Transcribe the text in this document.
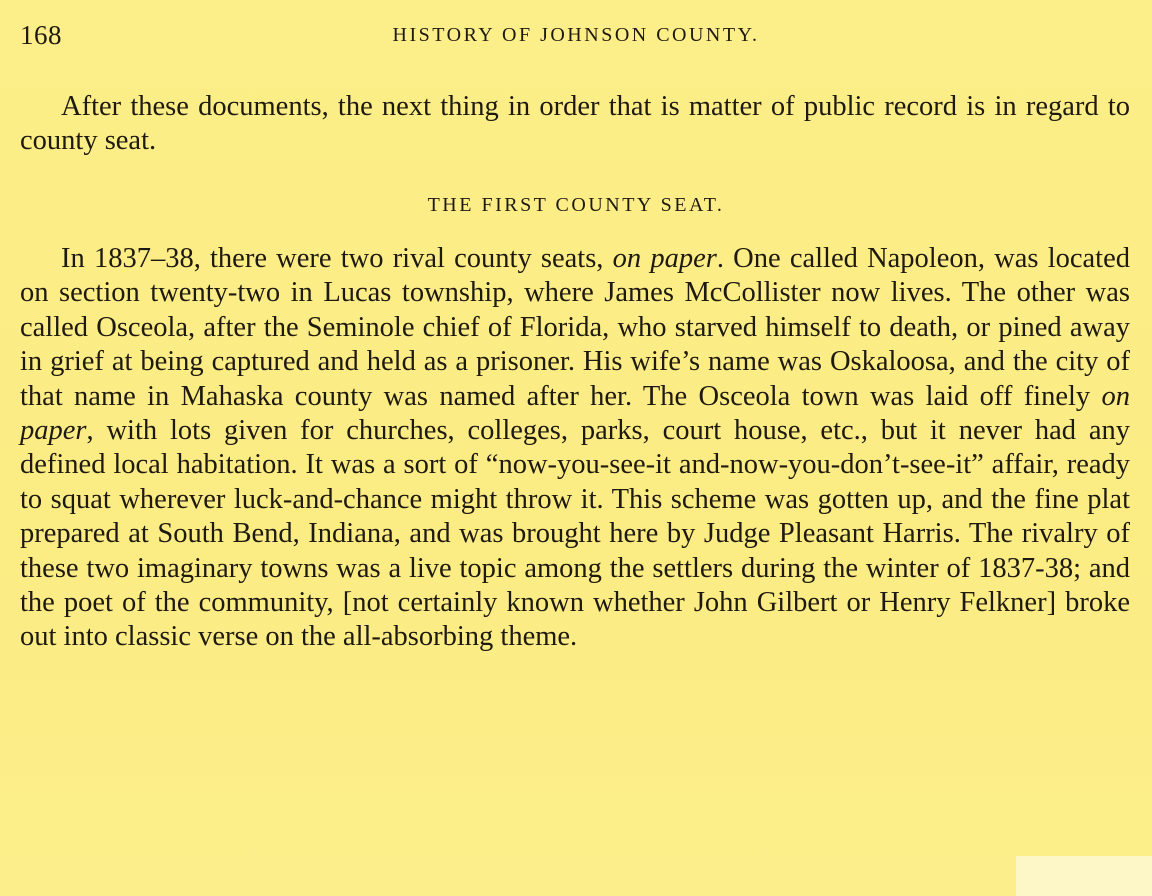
168	HISTORY OF JOHNSON COUNTY.

After these documents, the next thing in order that is matter of public record is in regard to county seat.

THE FIRST COUNTY SEAT.

In 1837–38, there were two rival county seats, on paper. One called Napoleon, was located on section twenty-two in Lucas township, where James McCollister now lives. The other was called Osceola, after the Seminole chief of Florida, who starved himself to death, or pined away in grief at being captured and held as a prisoner. His wife’s name was Oskaloosa, and the city of that name in Mahaska county was named after her. The Osceola town was laid off finely on paper, with lots given for churches, colleges, parks, court house, etc., but it never had any defined local habitation. It was a sort of “now-you-see-it and-now-you-don’t-see-it” affair, ready to squat wherever luck-and-chance might throw it. This scheme was gotten up, and the fine plat prepared at South Bend, Indiana, and was brought here by Judge Pleasant Harris. The rivalry of these two imaginary towns was a live topic among the settlers during the winter of 1837-38; and the poet of the community, [not certainly known whether John Gilbert or Henry Felkner] broke out into classic verse on the all-absorbing theme.
